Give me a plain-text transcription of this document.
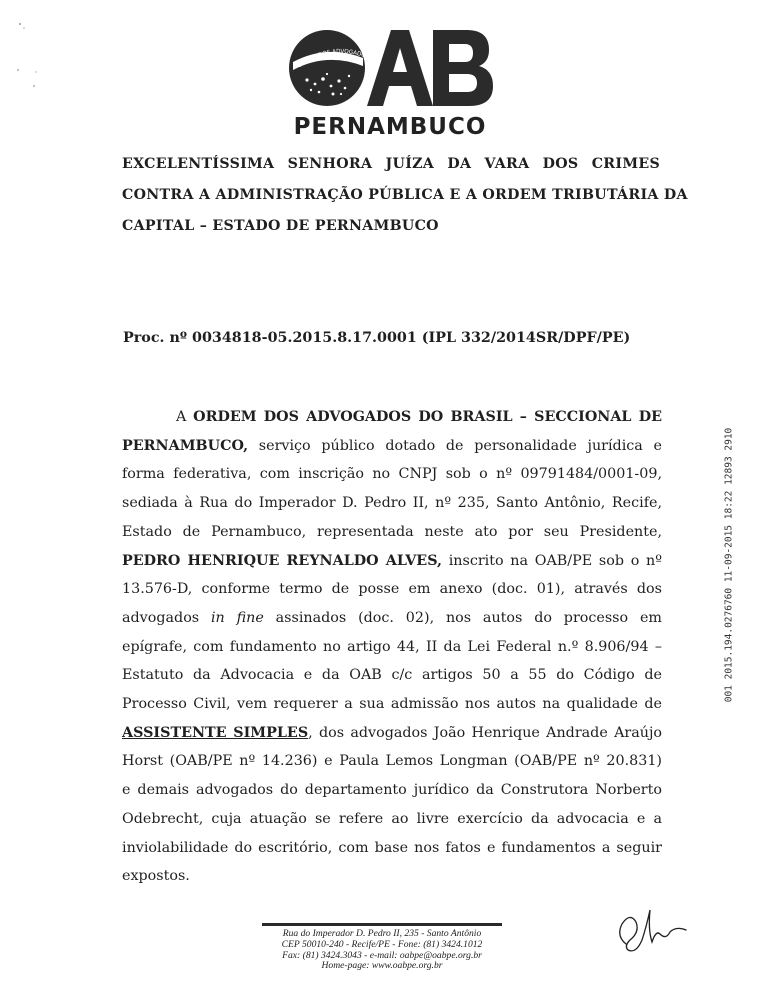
ORDEM DOS ADVOGADOS DO
PERNAMBUCO
EXCELENTÍSSIMA SENHORA JUÍZA DA VARA DOS CRIMES
CONTRA A ADMINISTRAÇÃO PÚBLICA E A ORDEM TRIBUTÁRIA DA
CAPITAL – ESTADO DE PERNAMBUCO
Proc. nº 0034818-05.2015.8.17.0001 (IPL 332/2014SR/DPF/PE)
A ORDEM DOS ADVOGADOS DO BRASIL – SECCIONAL DE
PERNAMBUCO, serviço público dotado de personalidade jurídica e
forma federativa, com inscrição no CNPJ sob o nº 09791484/0001-09,
sediada à Rua do Imperador D. Pedro II, nº 235, Santo Antônio, Recife,
Estado de Pernambuco, representada neste ato por seu Presidente,
PEDRO HENRIQUE REYNALDO ALVES, inscrito na OAB/PE sob o nº
13.576-D, conforme termo de posse em anexo (doc. 01), através dos
advogados in fine assinados (doc. 02), nos autos do processo em
epígrafe, com fundamento no artigo 44, II da Lei Federal n.º 8.906/94 –
Estatuto da Advocacia e da OAB c/c artigos 50 a 55 do Código de
Processo Civil, vem requerer a sua admissão nos autos na qualidade de
ASSISTENTE SIMPLES, dos advogados João Henrique Andrade Araújo
Horst (OAB/PE nº 14.236) e Paula Lemos Longman (OAB/PE nº 20.831)
e demais advogados do departamento jurídico da Construtora Norberto
Odebrecht, cuja atuação se refere ao livre exercício da advocacia e a
inviolabilidade do escritório, com base nos fatos e fundamentos a seguir
expostos.
001 2015.194.0276760 11-09-2015 18:22 12893 2910
Rua do Imperador D. Pedro II, 235 - Santo Antônio
CEP 50010-240 - Recife/PE - Fone: (81) 3424.1012
Fax: (81) 3424.3043 - e-mail: oabpe@oabpe.org.br
Home-page: www.oabpe.org.br
